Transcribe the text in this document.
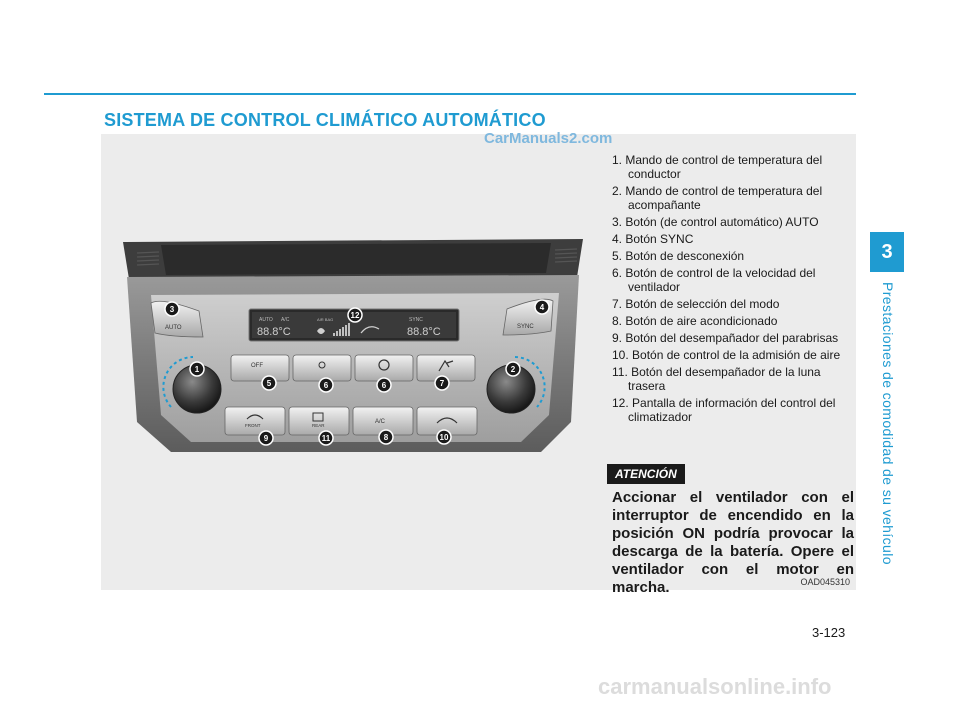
SISTEMA DE CONTROL CLIMÁTICO AUTOMÁTICO
AUTO	SYNC
AUTO A/C
88.8°C
AIR BAG	SYNC
88.8°C
OFF
FRONT	REAR
A/C
1	2
3	4
5	6	6	7
8
9	10
11
12
1. Mando de control de temperatura del conductor
2. Mando de control de temperatura del acompañante
3. Botón (de control automático) AUTO
4. Botón SYNC
5. Botón de desconexión
6. Botón de control de la velocidad del ventilador
7. Botón de selección del modo
8. Botón de aire acondicionado
9. Botón del desempañador del parabrisas
10. Botón de control de la admisión de aire
11. Botón del desempañador de la luna trasera
12. Pantalla de información del control del climatizador
ATENCIÓN

Accionar el ventilador con el interruptor de encendido en la posición ON podría provocar la descarga de la batería. Opere el ventilador con el motor en marcha.	OAD045310
CarManuals2.com
3
Prestaciones de comodidad de su vehículo
3-123
carmanualsonline.info
